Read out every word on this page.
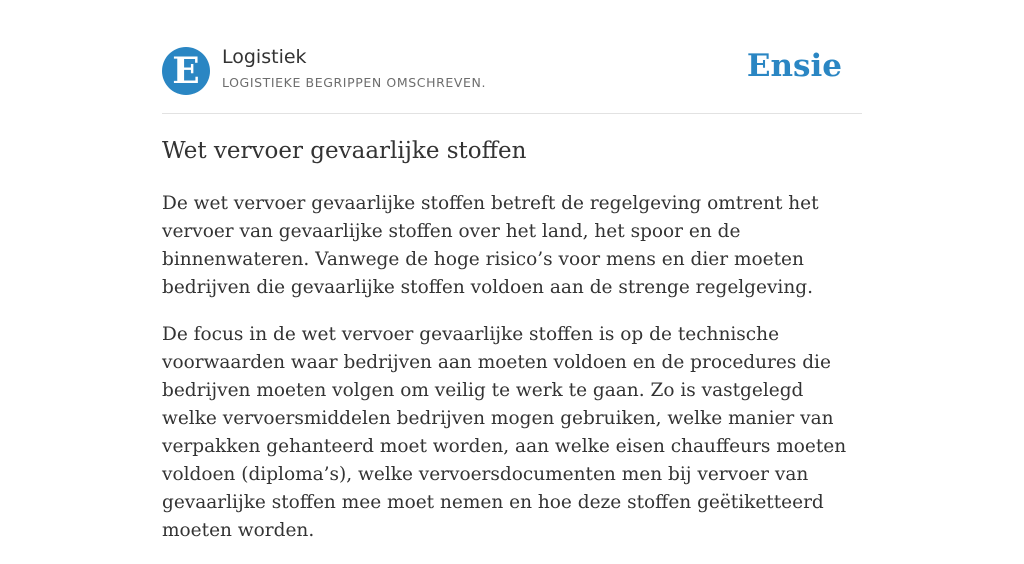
E	Logistiek
LOGISTIEKE BEGRIPPEN OMSCHREVEN.	Ensie
Wet vervoer gevaarlijke stoffen

De wet vervoer gevaarlijke stoffen betreft de regelgeving omtrent het vervoer van gevaarlijke stoffen over het land, het spoor en de binnenwateren. Vanwege de hoge risico’s voor mens en dier moeten bedrijven die gevaarlijke stoffen voldoen aan de strenge regelgeving.

De focus in de wet vervoer gevaarlijke stoffen is op de technische voorwaarden waar bedrijven aan moeten voldoen en de procedures die bedrijven moeten volgen om veilig te werk te gaan. Zo is vastgelegd welke vervoersmiddelen bedrijven mogen gebruiken, welke manier van verpakken gehanteerd moet worden, aan welke eisen chauffeurs moeten voldoen (diploma’s), welke vervoersdocumenten men bij vervoer van gevaarlijke stoffen mee moet nemen en hoe deze stoffen geëtiketteerd moeten worden.
